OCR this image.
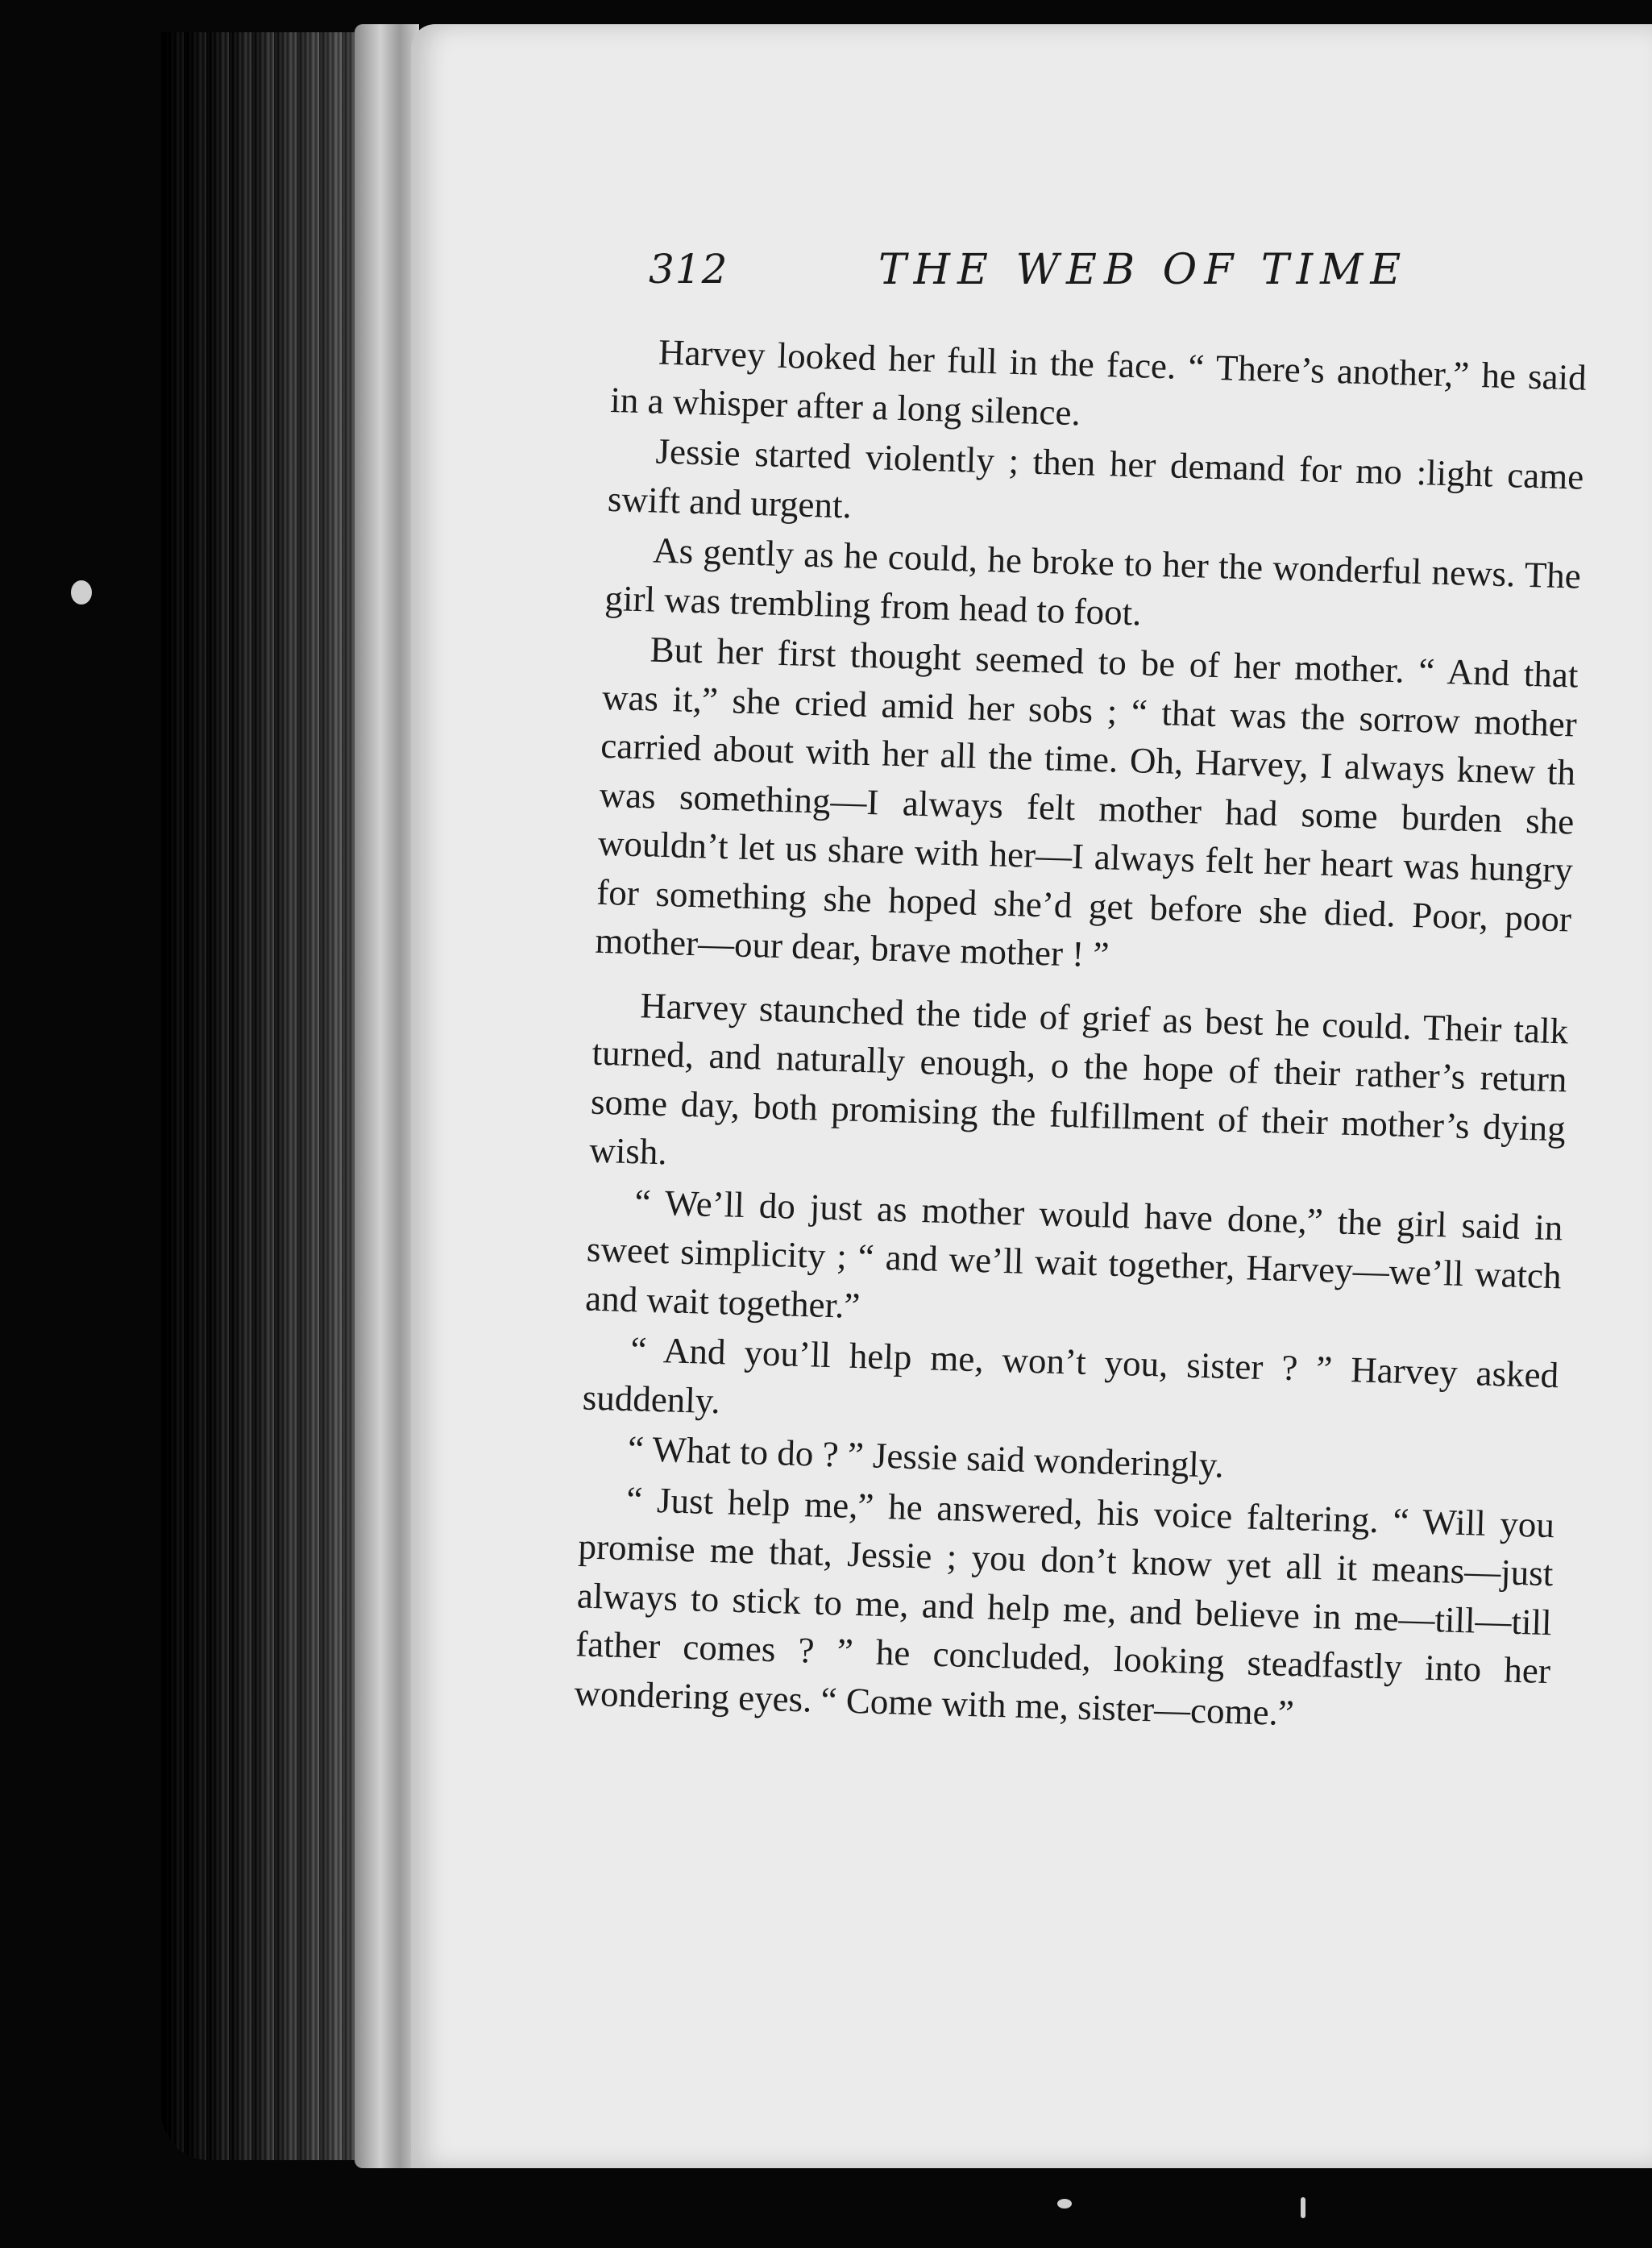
312	THE WEB OF TIME

Harvey looked her full in the face. “ There’s another,” he said in a whisper after a long silence.

Jessie started violently ; then her demand for mo :light came swift and urgent.

As gently as he could, he broke to her the wonderful news. The girl was trembling from head to foot.

But her first thought seemed to be of her mother. “ And that was it,” she cried amid her sobs ; “ that was the sorrow mother carried about with her all the time. Oh, Harvey, I always knew th was something—I always felt mother had some burden she wouldn’t let us share with her—I always felt her heart was hungry for something she hoped she’d get before she died. Poor, poor mother—our dear, brave mother ! ”

Harvey staunched the tide of grief as best he could. Their talk turned, and naturally enough, o the hope of their rather’s return some day, both promising the fulfillment of their mother’s dying wish.

“ We’ll do just as mother would have done,” the girl said in sweet simplicity ; “ and we’ll wait together, Harvey—we’ll watch and wait together.”

“ And you’ll help me, won’t you, sister ? ” Harvey asked suddenly.

“ What to do ? ” Jessie said wonderingly.

“ Just help me,” he answered, his voice faltering. “ Will you promise me that, Jessie ; you don’t know yet all it means—just always to stick to me, and help me, and believe in me—till—till father comes ? ” he concluded, looking steadfastly into her wondering eyes. “ Come with me, sister—come.”
